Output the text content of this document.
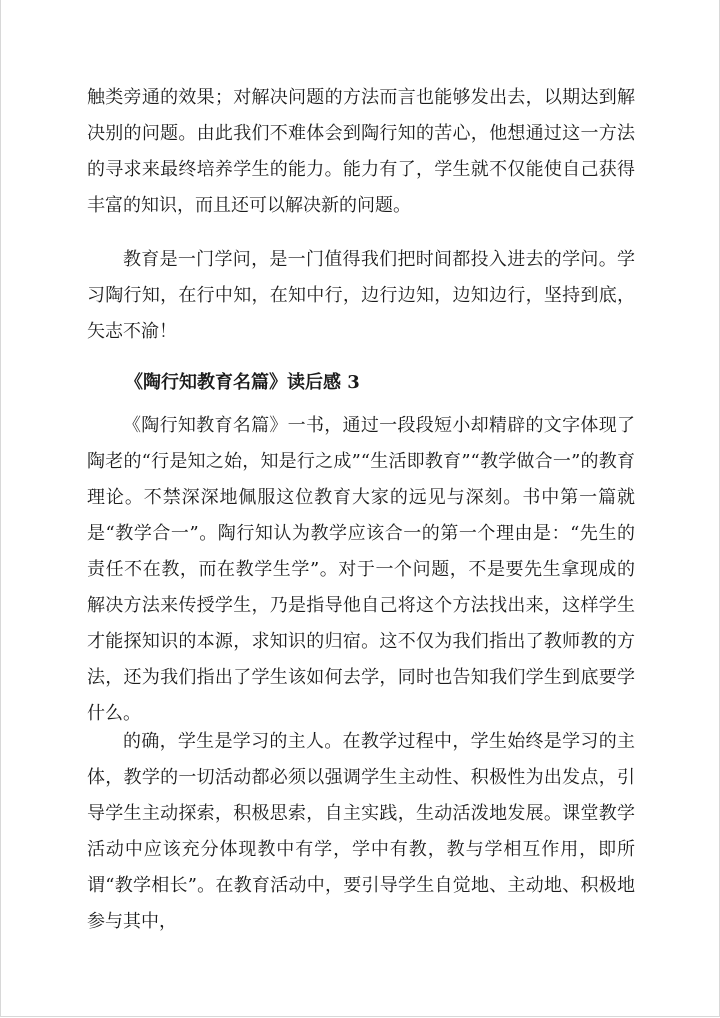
触类旁通的效果；对解决问题的方法而言也能够发出去，以期达到解决别的问题。由此我们不难体会到陶行知的苦心，他想通过这一方法的寻求来最终培养学生的能力。能力有了，学生就不仅能使自己获得丰富的知识，而且还可以解决新的问题。

教育是一门学问，是一门值得我们把时间都投入进去的学问。学习陶行知，在行中知，在知中行，边行边知，边知边行，坚持到底，矢志不渝！

《陶行知教育名篇》读后感 3

《陶行知教育名篇》一书，通过一段段短小却精辟的文字体现了陶老的“行是知之始，知是行之成”“生活即教育”“教学做合一”的教育理论。不禁深深地佩服这位教育大家的远见与深刻。书中第一篇就是“教学合一”。陶行知认为教学应该合一的第一个理由是：“先生的责任不在教，而在教学生学”。对于一个问题，不是要先生拿现成的解决方法来传授学生，乃是指导他自己将这个方法找出来，这样学生才能探知识的本源，求知识的归宿。这不仅为我们指出了教师教的方法，还为我们指出了学生该如何去学，同时也告知我们学生到底要学什么。

的确，学生是学习的主人。在教学过程中，学生始终是学习的主体，教学的一切活动都必须以强调学生主动性、积极性为出发点，引导学生主动探索，积极思索，自主实践，生动活泼地发展。课堂教学活动中应该充分体现教中有学，学中有教，教与学相互作用，即所谓“教学相长”。在教育活动中，要引导学生自觉地、主动地、积极地参与其中，
